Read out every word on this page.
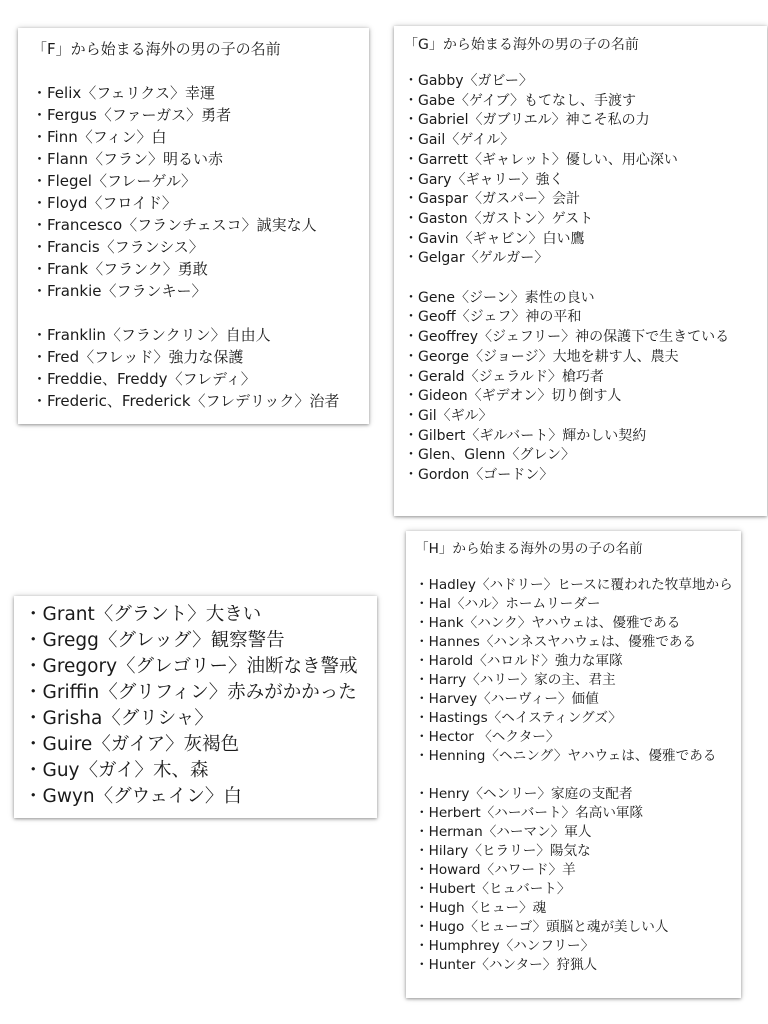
「F」から始まる海外の男の子の名前
・Felix〈フェリクス〉幸運
・Fergus〈ファーガス〉勇者
・Finn〈フィン〉白
・Flann〈フラン〉明るい赤
・Flegel〈フレーゲル〉
・Floyd〈フロイド〉
・Francesco〈フランチェスコ〉誠実な人
・Francis〈フランシス〉
・Frank〈フランク〉勇敢
・Frankie〈フランキー〉
・Franklin〈フランクリン〉自由人
・Fred〈フレッド〉強力な保護
・Freddie、Freddy〈フレディ〉
・Frederic、Frederick〈フレデリック〉治者
「G」から始まる海外の男の子の名前
・Gabby〈ガビー〉
・Gabe〈ゲイブ〉もてなし、手渡す
・Gabriel〈ガブリエル〉神こそ私の力
・Gail〈ゲイル〉
・Garrett〈ギャレット〉優しい、用心深い
・Gary〈ギャリー〉強く
・Gaspar〈ガスパー〉会計
・Gaston〈ガストン〉ゲスト
・Gavin〈ギャビン〉白い鷹
・Gelgar〈ゲルガー〉
・Gene〈ジーン〉素性の良い
・Geoff〈ジェフ〉神の平和
・Geoffrey〈ジェフリー〉神の保護下で生きている
・George〈ジョージ〉大地を耕す人、農夫
・Gerald〈ジェラルド〉槍巧者
・Gideon〈ギデオン〉切り倒す人
・Gil〈ギル〉
・Gilbert〈ギルバート〉輝かしい契約
・Glen、Glenn〈グレン〉
・Gordon〈ゴードン〉
・Grant〈グラント〉大きい
・Gregg〈グレッグ〉観察警告
・Gregory〈グレゴリー〉油断なき警戒
・Griffin〈グリフィン〉赤みがかかった
・Grisha〈グリシャ〉
・Guire〈ガイア〉灰褐色
・Guy〈ガイ〉木、森
・Gwyn〈グウェイン〉白
「H」から始まる海外の男の子の名前
・Hadley〈ハドリー〉ヒースに覆われた牧草地から
・Hal〈ハル〉ホームリーダー
・Hank〈ハンク〉ヤハウェは、優雅である
・Hannes〈ハンネスヤハウェは、優雅である
・Harold〈ハロルド〉強力な軍隊
・Harry〈ハリー〉家の主、君主
・Harvey〈ハーヴィー〉価値
・Hastings〈ヘイスティングズ〉
・Hector 〈ヘクター〉
・Henning〈ヘニング〉ヤハウェは、優雅である
・Henry〈ヘンリー〉家庭の支配者
・Herbert〈ハーバート〉名高い軍隊
・Herman〈ハーマン〉軍人
・Hilary〈ヒラリー〉陽気な
・Howard〈ハワード〉羊
・Hubert〈ヒュバート〉
・Hugh〈ヒュー〉魂
・Hugo〈ヒューゴ〉頭脳と魂が美しい人
・Humphrey〈ハンフリー〉
・Hunter〈ハンター〉狩猟人
